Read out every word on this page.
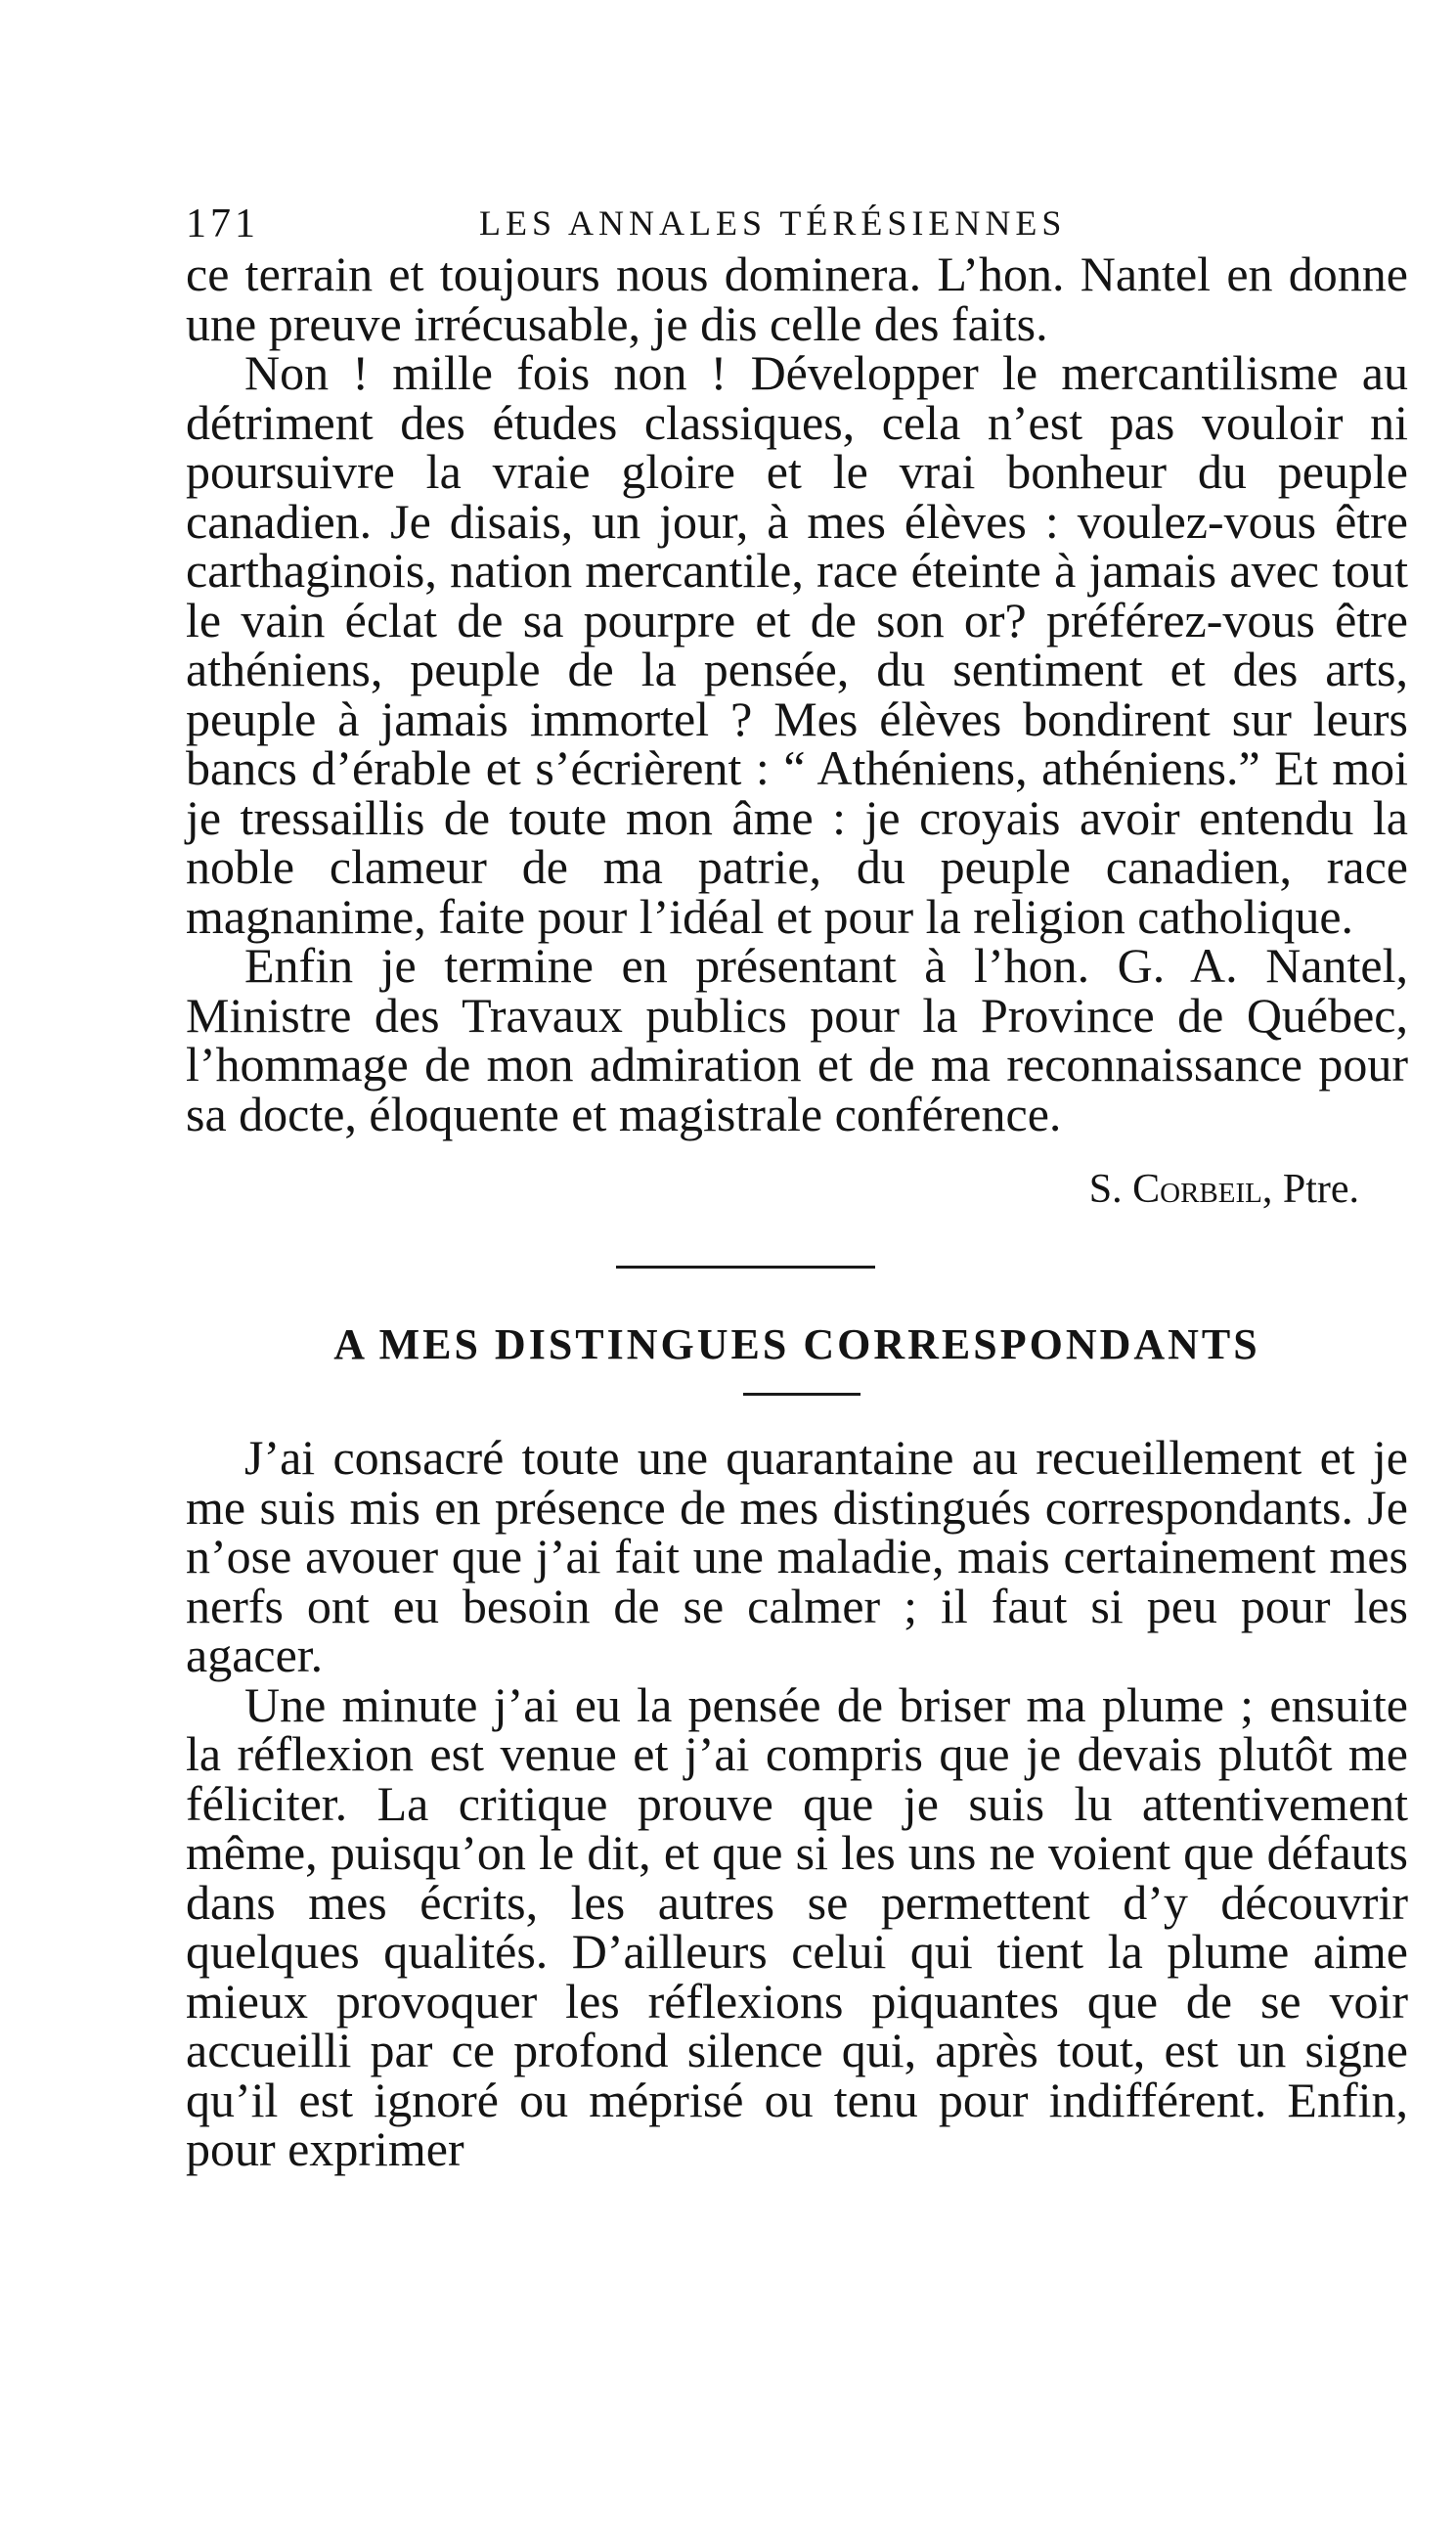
171	LES ANNALES TÉRÉSIENNES

ce terrain et toujours nous dominera. L’hon. Nantel en donne une preuve irrécusable, je dis celle des faits.

Non ! mille fois non ! Développer le mercantilisme au détriment des études classiques, cela n’est pas vouloir ni poursuivre la vraie gloire et le vrai bonheur du peuple canadien. Je disais, un jour, à mes élèves : voulez-vous être carthaginois, nation mercantile, race éteinte à jamais avec tout le vain éclat de sa pourpre et de son or? préférez-vous être athéniens, peuple de la pensée, du sentiment et des arts, peuple à jamais immortel ? Mes élèves bondirent sur leurs bancs d’érable et s’écrièrent : “ Athéniens, athéniens.” Et moi je tressaillis de toute mon âme : je croyais avoir entendu la noble clameur de ma patrie, du peuple canadien, race magnanime, faite pour l’idéal et pour la religion catholique.

Enfin je termine en présentant à l’hon. G. A. Nantel, Ministre des Travaux publics pour la Province de Québec, l’hommage de mon admiration et de ma reconnaissance pour sa docte, éloquente et magistrale conférence.

S. Corbeil, Ptre.
A MES DISTINGUES CORRESPONDANTS

J’ai consacré toute une quarantaine au recueillement et je me suis mis en présence de mes distingués correspondants. Je n’ose avouer que j’ai fait une maladie, mais certainement mes nerfs ont eu besoin de se calmer ; il faut si peu pour les agacer.

Une minute j’ai eu la pensée de briser ma plume ; ensuite la réflexion est venue et j’ai compris que je devais plutôt me féliciter. La critique prouve que je suis lu attentivement même, puisqu’on le dit, et que si les uns ne voient que défauts dans mes écrits, les autres se permettent d’y découvrir quelques qualités. D’ailleurs celui qui tient la plume aime mieux provoquer les réflexions piquantes que de se voir accueilli par ce profond silence qui, après tout, est un signe qu’il est ignoré ou méprisé ou tenu pour indifférent. Enfin, pour exprimer
